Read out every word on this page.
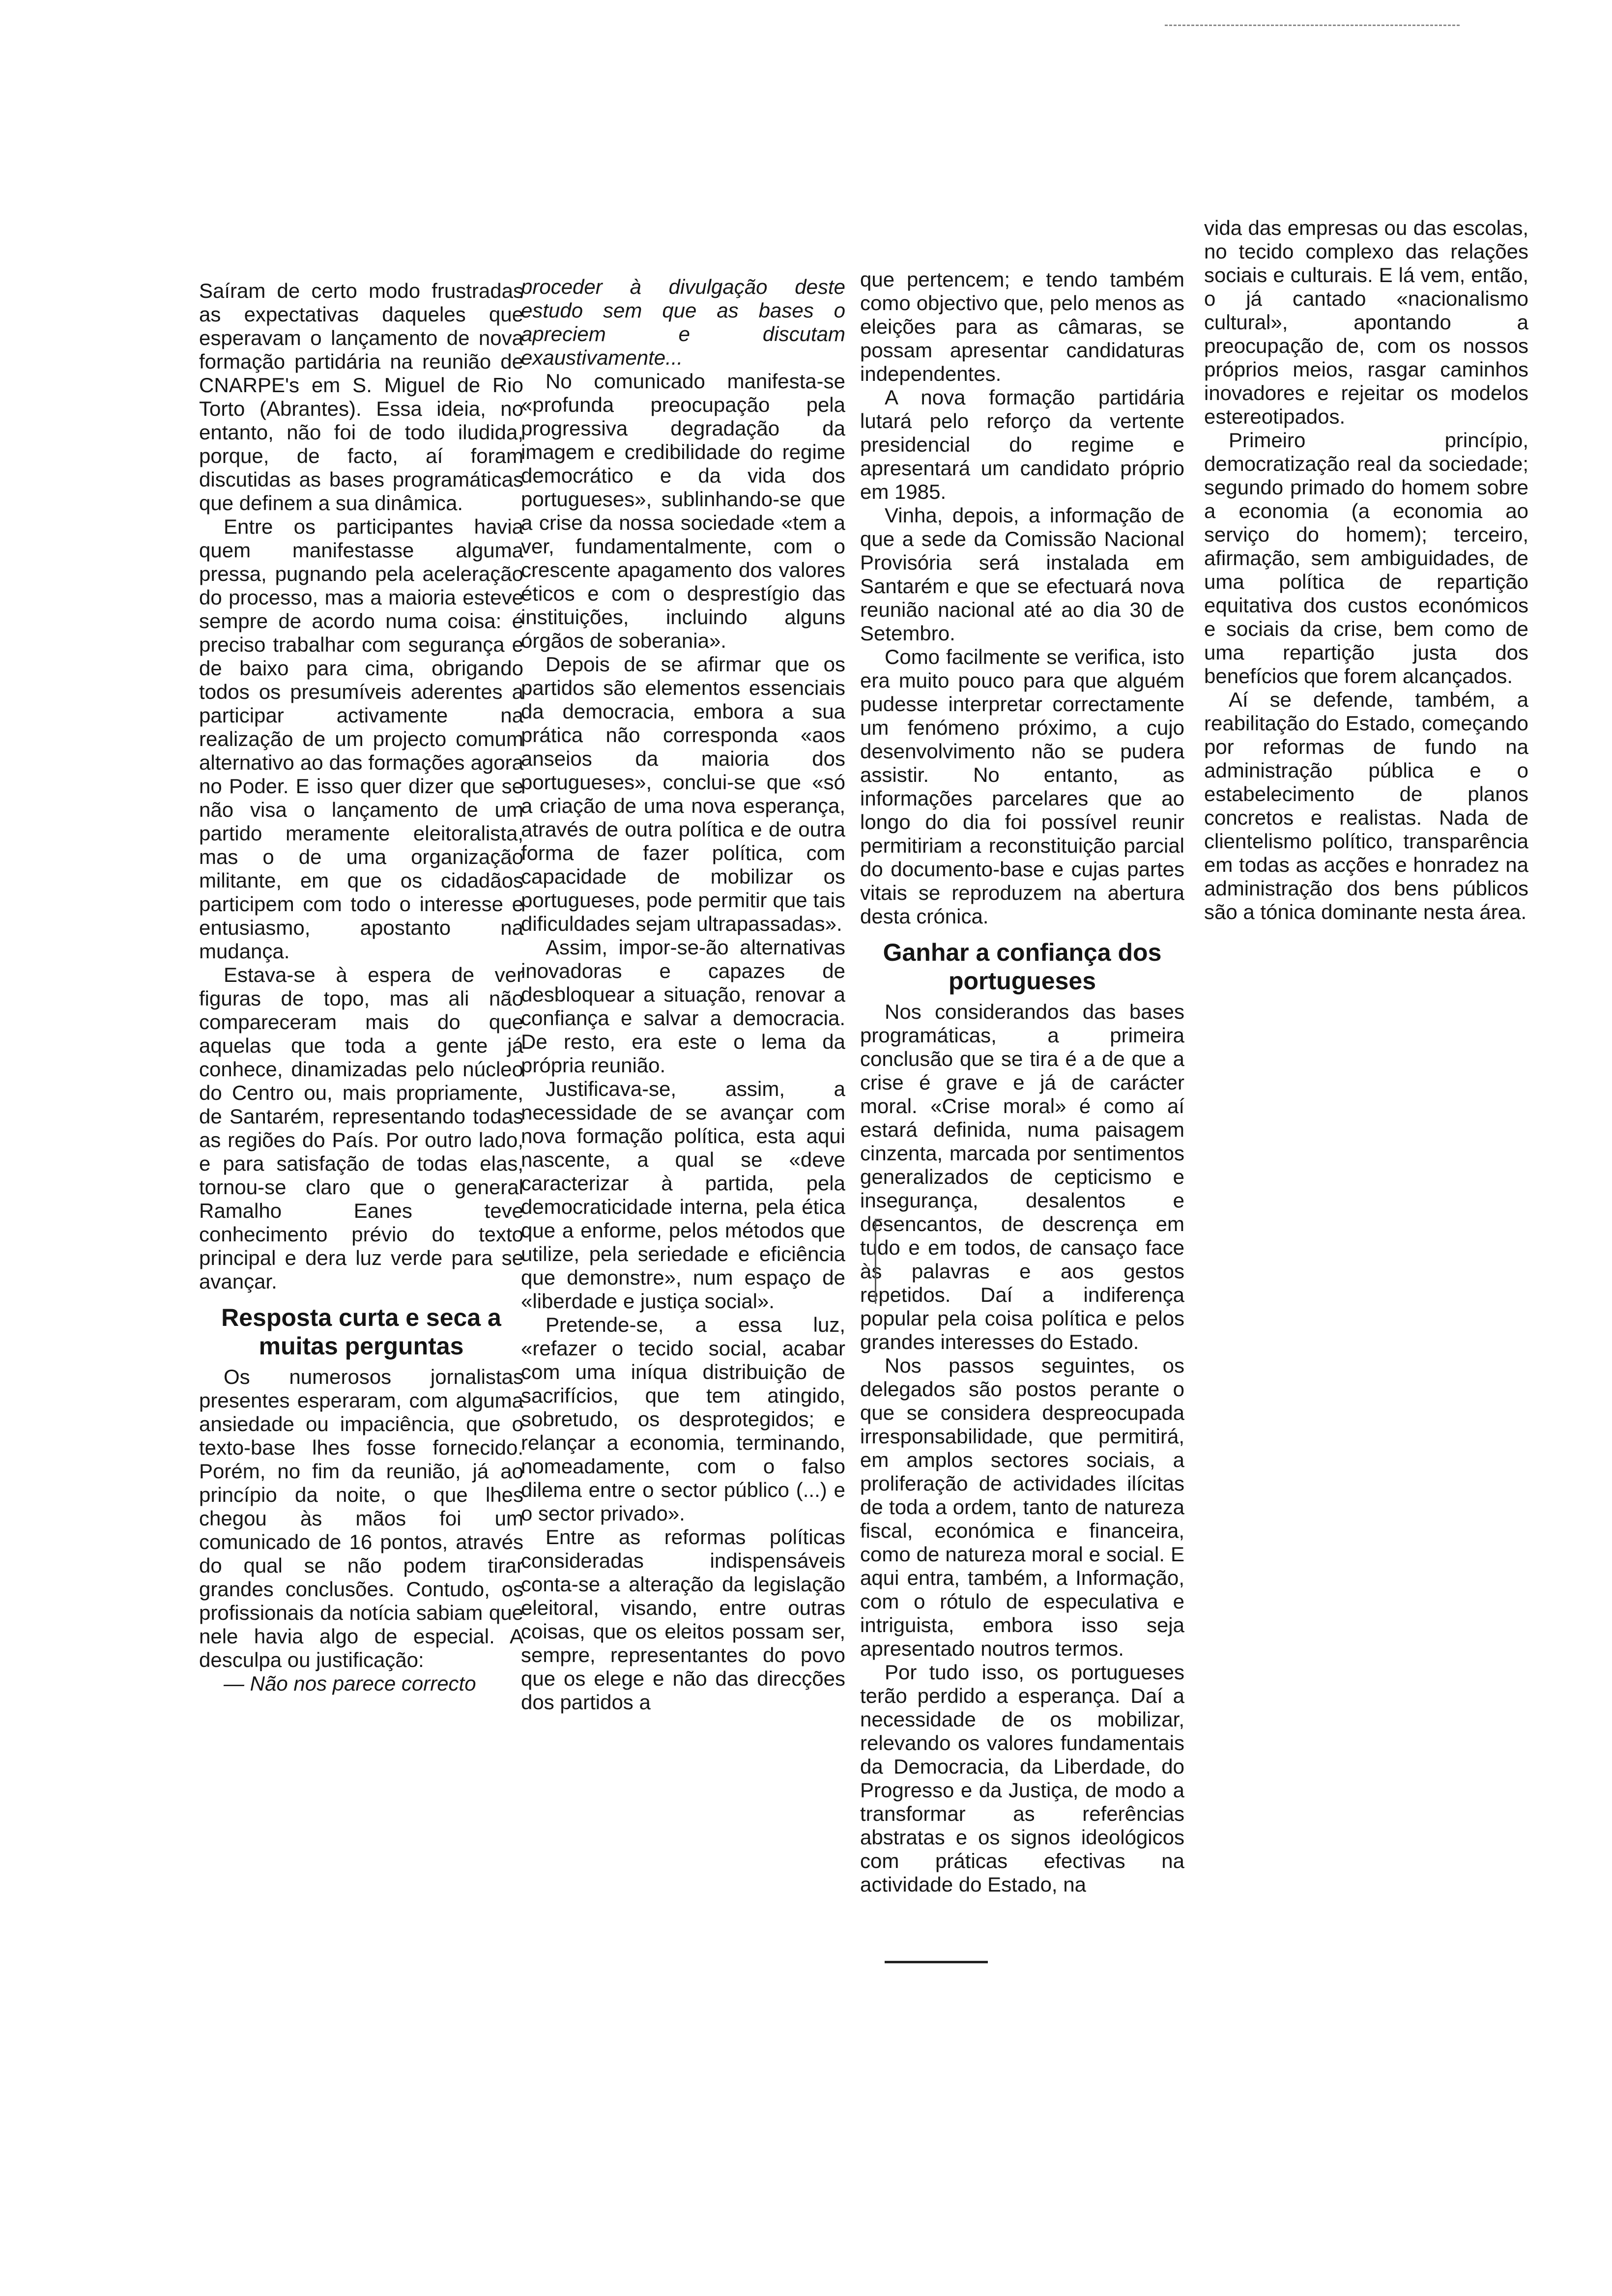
Saíram de certo modo frustradas as expectativas daqueles que esperavam o lançamento de nova formação partidária na reunião de CNARPE's em S. Miguel de Rio Torto (Abrantes). Essa ideia, no entanto, não foi de todo iludida, porque, de facto, aí foram discutidas as bases programáticas que definem a sua dinâmica.

Entre os participantes havia quem manifestasse alguma pressa, pugnando pela aceleração do processo, mas a maioria esteve sempre de acordo numa coisa: é preciso trabalhar com segurança e de baixo para cima, obrigando todos os presumíveis aderentes a participar activamente na realização de um projecto comum alternativo ao das formações agora no Poder. E isso quer dizer que se não visa o lançamento de um partido meramente eleitoralista, mas o de uma organização militante, em que os cidadãos participem com todo o interesse e entusiasmo, apostanto na mudança.

Estava-se à espera de ver figuras de topo, mas ali não compareceram mais do que aquelas que toda a gente já conhece, dinamizadas pelo núcleo do Centro ou, mais propriamente, de Santarém, representando todas as regiões do País. Por outro lado, e para satisfação de todas elas, tornou-se claro que o general Ramalho Eanes teve conhecimento prévio do texto principal e dera luz verde para se avançar.

Resposta curta e seca a muitas perguntas

Os numerosos jornalistas presentes esperaram, com alguma ansiedade ou impaciência, que o texto-base lhes fosse fornecido. Porém, no fim da reunião, já ao princípio da noite, o que lhes chegou às mãos foi um comunicado de 16 pontos, através do qual se não podem tirar grandes conclusões. Contudo, os profissionais da notícia sabiam que nele havia algo de especial. A desculpa ou justificação:

— Não nos parece correcto

proceder à divulgação deste estudo sem que as bases o apreciem e discutam exaustivamente...

No comunicado manifesta-se «profunda preocupação pela progressiva degradação da imagem e credibilidade do regime democrático e da vida dos portugueses», sublinhando-se que a crise da nossa sociedade «tem a ver, fundamentalmente, com o crescente apagamento dos valores éticos e com o desprestígio das instituições, incluindo alguns órgãos de soberania».

Depois de se afirmar que os partidos são elementos essenciais da democracia, embora a sua prática não corresponda «aos anseios da maioria dos portugueses», conclui-se que «só a criação de uma nova esperança, através de outra política e de outra forma de fazer política, com capacidade de mobilizar os portugueses, pode permitir que tais dificuldades sejam ultrapassadas».

Assim, impor-se-ão alternativas inovadoras e capazes de desbloquear a situação, renovar a confiança e salvar a democracia. De resto, era este o lema da própria reunião.

Justificava-se, assim, a necessidade de se avançar com nova formação política, esta aqui nascente, a qual se «deve caracterizar à partida, pela democraticidade interna, pela ética que a enforme, pelos métodos que utilize, pela seriedade e eficiência que demonstre», num espaço de «liberdade e justiça social».

Pretende-se, a essa luz, «refazer o tecido social, acabar com uma iníqua distribuição de sacrifícios, que tem atingido, sobretudo, os desprotegidos; e relançar a economia, terminando, nomeadamente, com o falso dilema entre o sector público (...) e o sector privado».

Entre as reformas políticas consideradas indispensáveis conta-se a alteração da legislação eleitoral, visando, entre outras coisas, que os eleitos possam ser, sempre, representantes do povo que os elege e não das direcções dos partidos a

que pertencem; e tendo também como objectivo que, pelo menos as eleições para as câmaras, se possam apresentar candidaturas independentes.

A nova formação partidária lutará pelo reforço da vertente presidencial do regime e apresentará um candidato próprio em 1985.

Vinha, depois, a informação de que a sede da Comissão Nacional Provisória será instalada em Santarém e que se efectuará nova reunião nacional até ao dia 30 de Setembro.

Como facilmente se verifica, isto era muito pouco para que alguém pudesse interpretar correctamente um fenómeno próximo, a cujo desenvolvimento não se pudera assistir. No entanto, as informações parcelares que ao longo do dia foi possível reunir permitiriam a reconstituição parcial do documento-base e cujas partes vitais se reproduzem na abertura desta crónica.

Ganhar a confiança dos portugueses

Nos considerandos das bases programáticas, a primeira conclusão que se tira é a de que a crise é grave e já de carácter moral. «Crise moral» é como aí estará definida, numa paisagem cinzenta, marcada por sentimentos generalizados de cepticismo e insegurança, desalentos e desencantos, de descrença em tudo e em todos, de cansaço face às palavras e aos gestos repetidos. Daí a indiferença popular pela coisa política e pelos grandes interesses do Estado.

Nos passos seguintes, os delegados são postos perante o que se considera despreocupada irresponsabilidade, que permitirá, em amplos sectores sociais, a proliferação de actividades ilícitas de toda a ordem, tanto de natureza fiscal, económica e financeira, como de natureza moral e social. E aqui entra, também, a Informação, com o rótulo de especulativa e intriguista, embora isso seja apresentado noutros termos.

Por tudo isso, os portugueses terão perdido a esperança. Daí a necessidade de os mobilizar, relevando os valores fundamentais da Democracia, da Liberdade, do Progresso e da Justiça, de modo a transformar as referências abstratas e os signos ideológicos com práticas efectivas na actividade do Estado, na

vida das empresas ou das escolas, no tecido complexo das relações sociais e culturais. E lá vem, então, o já cantado «nacionalismo cultural», apontando a preocupação de, com os nossos próprios meios, rasgar caminhos inovadores e rejeitar os modelos estereotipados.

Primeiro princípio, democratização real da sociedade; segundo primado do homem sobre a economia (a economia ao serviço do homem); terceiro, afirmação, sem ambiguidades, de uma política de repartição equitativa dos custos económicos e sociais da crise, bem como de uma repartição justa dos benefícios que forem alcançados.

Aí se defende, também, a reabilitação do Estado, começando por reformas de fundo na administração pública e o estabelecimento de planos concretos e realistas. Nada de clientelismo político, transparência em todas as acções e honradez na administração dos bens públicos são a tónica dominante nesta área.
